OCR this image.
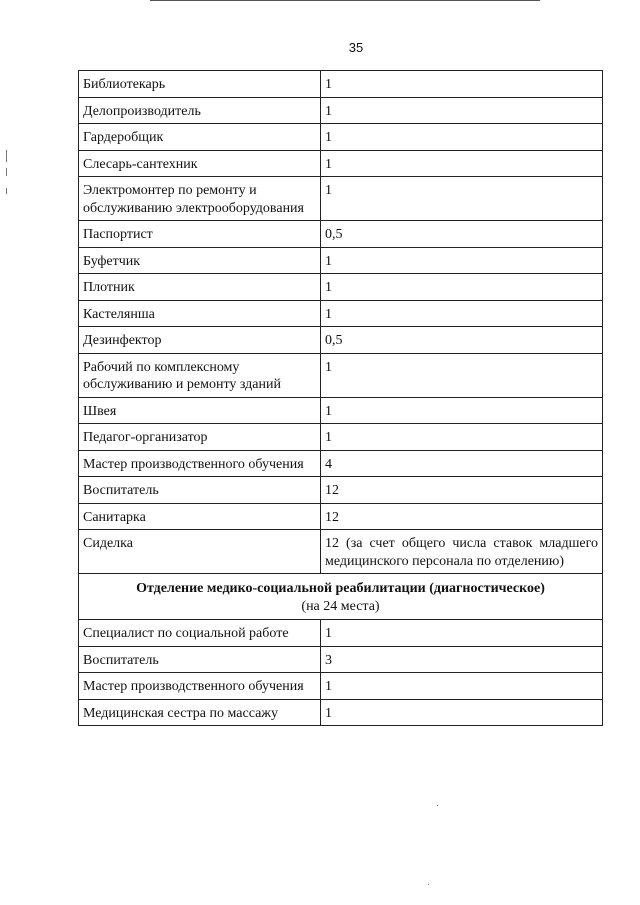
35
Библиотекарь	1
Делопроизводитель	1
Гардеробщик	1
Слесарь-сантехник	1
Электромонтер по ремонту и обслуживанию электрооборудования	1
Паспортист	0,5
Буфетчик	1
Плотник	1
Кастелянша	1
Дезинфектор	0,5
Рабочий по комплексному обслуживанию и ремонту зданий	1
Швея	1
Педагог-организатор	1
Мастер производственного обучения	4
Воспитатель	12
Санитарка	12
Сиделка	12 (за счет общего числа ставок младшего медицинского персонала по отделению)

Отделение медико-социальной реабилитации (диагностическое)
(на 24 места)	

Специалист по социальной работе	1
Воспитатель	3
Мастер производственного обучения	1
Медицинская сестра по массажу	1
